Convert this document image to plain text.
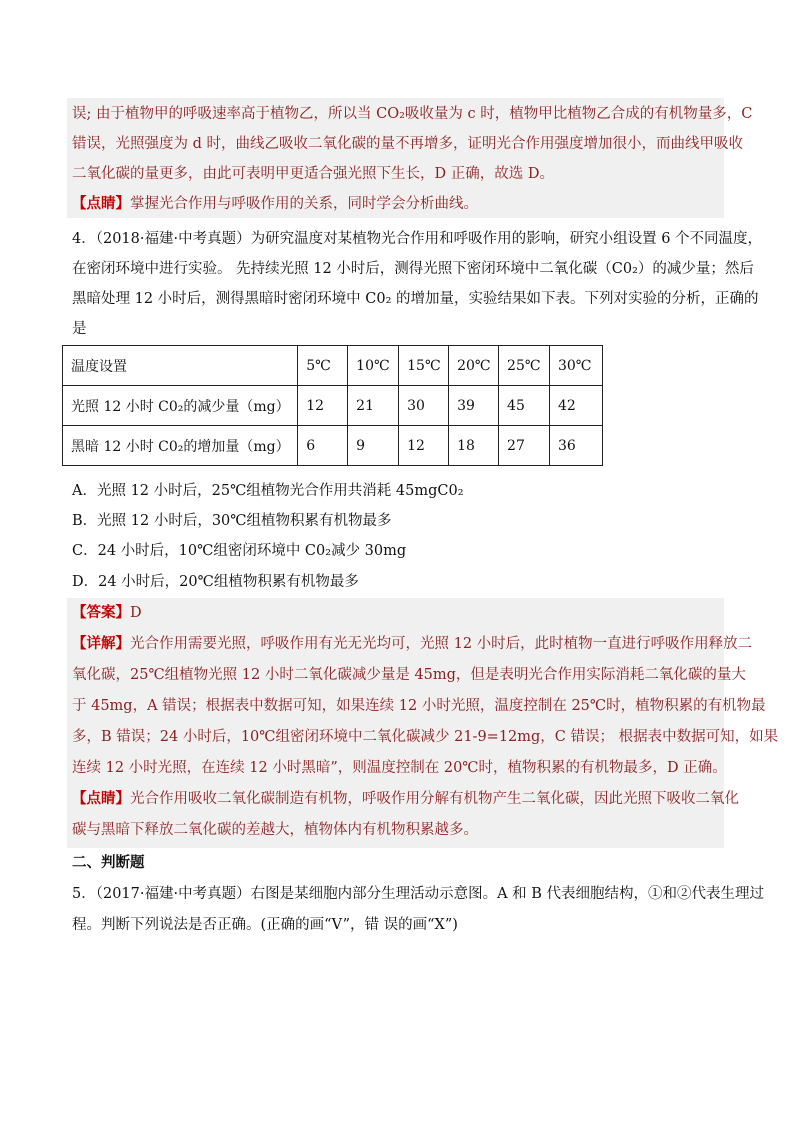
误; 由于植物甲的呼吸速率高于植物乙，所以当 CO₂吸收量为 c 时，植物甲比植物乙合成的有机物量多，C
错误，光照强度为 d 时，曲线乙吸收二氧化碳的量不再增多，证明光合作用强度增加很小，而曲线甲吸收
二氧化碳的量更多，由此可表明甲更适合强光照下生长，D 正确，故选 D。
【点睛】掌握光合作用与呼吸作用的关系，同时学会分析曲线。
4．（2018·福建·中考真题）为研究温度对某植物光合作用和呼吸作用的影响，研究小组设置 6 个不同温度，
在密闭环境中进行实验。 先持续光照 12 小时后，测得光照下密闭环境中二氧化碳（C0₂）的减少量；然后
黑暗处理 12 小时后，测得黑暗时密闭环境中 C0₂ 的增加量，实验结果如下表。下列对实验的分析，正确的
是
温度设置	5℃	10℃	15℃	20℃	25℃	30℃
光照 12 小时 C0₂的减少量（mg）	12	21	30	39	45	42
黑暗 12 小时 C0₂的增加量（mg）	6	9	12	18	27	36
A．光照 12 小时后，25℃组植物光合作用共消耗 45mgC0₂
B．光照 12 小时后，30℃组植物积累有机物最多
C．24 小时后，10℃组密闭环境中 C0₂减少 30mg
D．24 小时后，20℃组植物积累有机物最多
【答案】D
【详解】光合作用需要光照，呼吸作用有光无光均可，光照 12 小时后，此时植物一直进行呼吸作用释放二
氧化碳，25℃组植物光照 12 小时二氧化碳减少量是 45mg，但是表明光合作用实际消耗二氧化碳的量大
于 45mg，A 错误；根据表中数据可知，如果连续 12 小时光照，温度控制在 25℃时，植物积累的有机物最
多，B 错误；24 小时后，10℃组密闭环境中二氧化碳减少 21-9=12mg，C 错误； 根据表中数据可知，如果
连续 12 小时光照，在连续 12 小时黑暗”，则温度控制在 20℃时，植物积累的有机物最多，D 正确。
【点睛】光合作用吸收二氧化碳制造有机物，呼吸作用分解有机物产生二氧化碳，因此光照下吸收二氧化
碳与黑暗下释放二氧化碳的差越大，植物体内有机物积累越多。
二、判断题
5．（2017·福建·中考真题）右图是某细胞内部分生理活动示意图。A 和 B 代表细胞结构，①和②代表生理过
程。判断下列说法是否正确。(正确的画“V”，错 误的画“X”)
